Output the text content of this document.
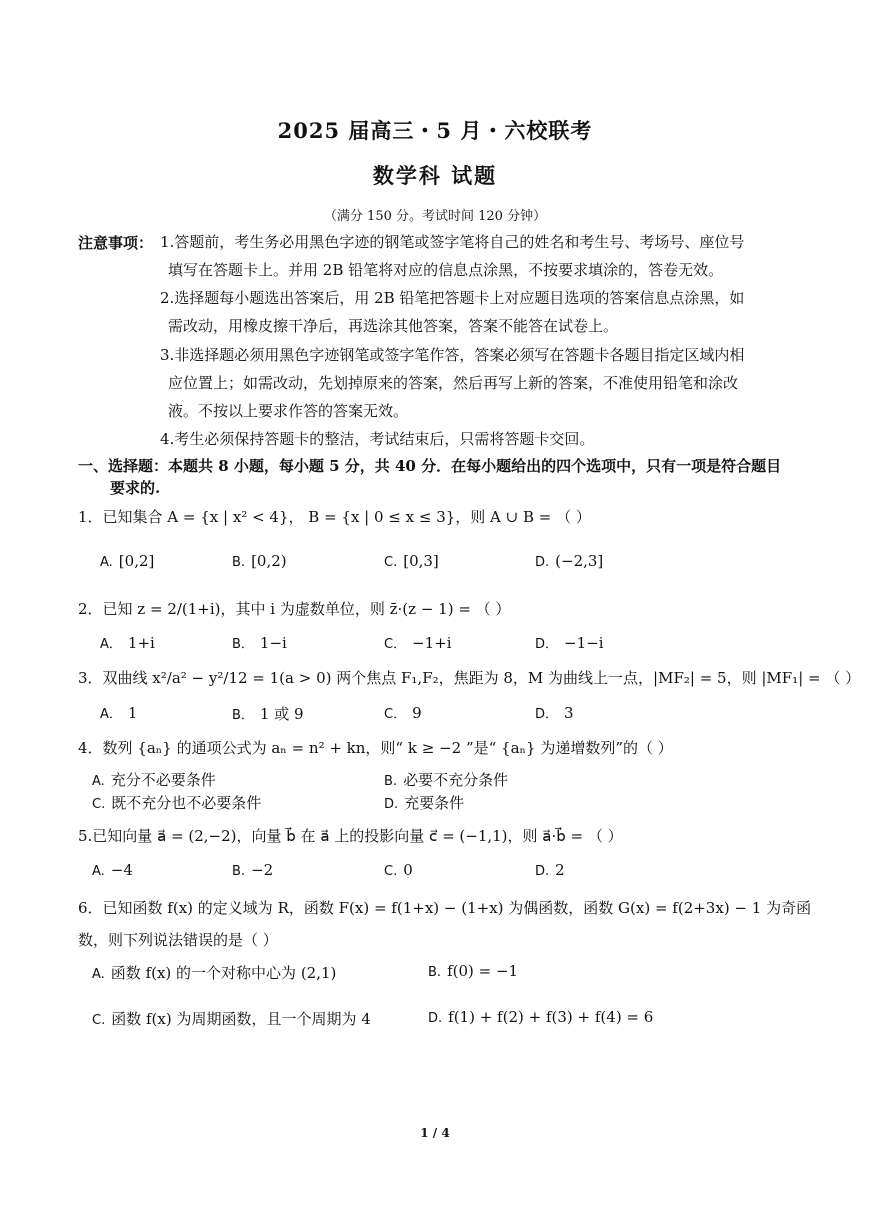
2025 届高三・5 月・六校联考
数学科 试题
（满分 150 分。考试时间 120 分钟）
注意事项： 1.答题前，考生务必用黑色字迹的钢笔或签字笔将自己的姓名和考生号、考场号、座位号
填写在答题卡上。并用 2B 铅笔将对应的信息点涂黑，不按要求填涂的，答卷无效。
2.选择题每小题选出答案后，用 2B 铅笔把答题卡上对应题目选项的答案信息点涂黑，如
需改动，用橡皮擦干净后，再选涂其他答案，答案不能答在试卷上。
3.非选择题必须用黑色字迹钢笔或签字笔作答，答案必须写在答题卡各题目指定区域内相
应位置上；如需改动，先划掉原来的答案，然后再写上新的答案，不准使用铅笔和涂改
液。不按以上要求作答的答案无效。
4.考生必须保持答题卡的整洁，考试结束后，只需将答题卡交回。
一、选择题：本题共 8 小题，每小题 5 分，共 40 分．在每小题给出的四个选项中，只有一项是符合题目
要求的.
1．已知集合 A = {x | x² < 4}， B = {x | 0 ≤ x ≤ 3}，则 A ∪ B = （ ）
A. [0,2]	B. [0,2)	C. [0,3]	D. (−2,3]
2．已知 z = 2/(1+i)，其中 i 为虚数单位，则 z̄·(z − 1) = （ ）
A． 1+i	B． 1−i	C． −1+i	D． −1−i
3．双曲线 x²/a² − y²/12 = 1(a > 0) 两个焦点 F₁,F₂，焦距为 8，M 为曲线上一点，|MF₂| = 5，则 |MF₁| = （ ）
A． 1	B． 1 或 9	C． 9	D． 3
4．数列 {aₙ} 的通项公式为 aₙ = n² + kn，则“ k ≥ −2 ”是“ {aₙ} 为递增数列”的（ ）
A. 充分不必要条件	B. 必要不充分条件
C. 既不充分也不必要条件	D. 充要条件
5.已知向量 a⃗ = (2,−2)，向量 b⃗ 在 a⃗ 上的投影向量 c⃗ = (−1,1)，则 a⃗·b⃗ = （ ）
A. −4	B. −2	C. 0	D. 2
6．已知函数 f(x) 的定义域为 R，函数 F(x) = f(1+x) − (1+x) 为偶函数，函数 G(x) = f(2+3x) − 1 为奇函数，则下列说法错误的是（ ）
A. 函数 f(x) 的一个对称中心为 (2,1)	B. f(0) = −1
C. 函数 f(x) 为周期函数，且一个周期为 4	D. f(1) + f(2) + f(3) + f(4) = 6
1 / 4
